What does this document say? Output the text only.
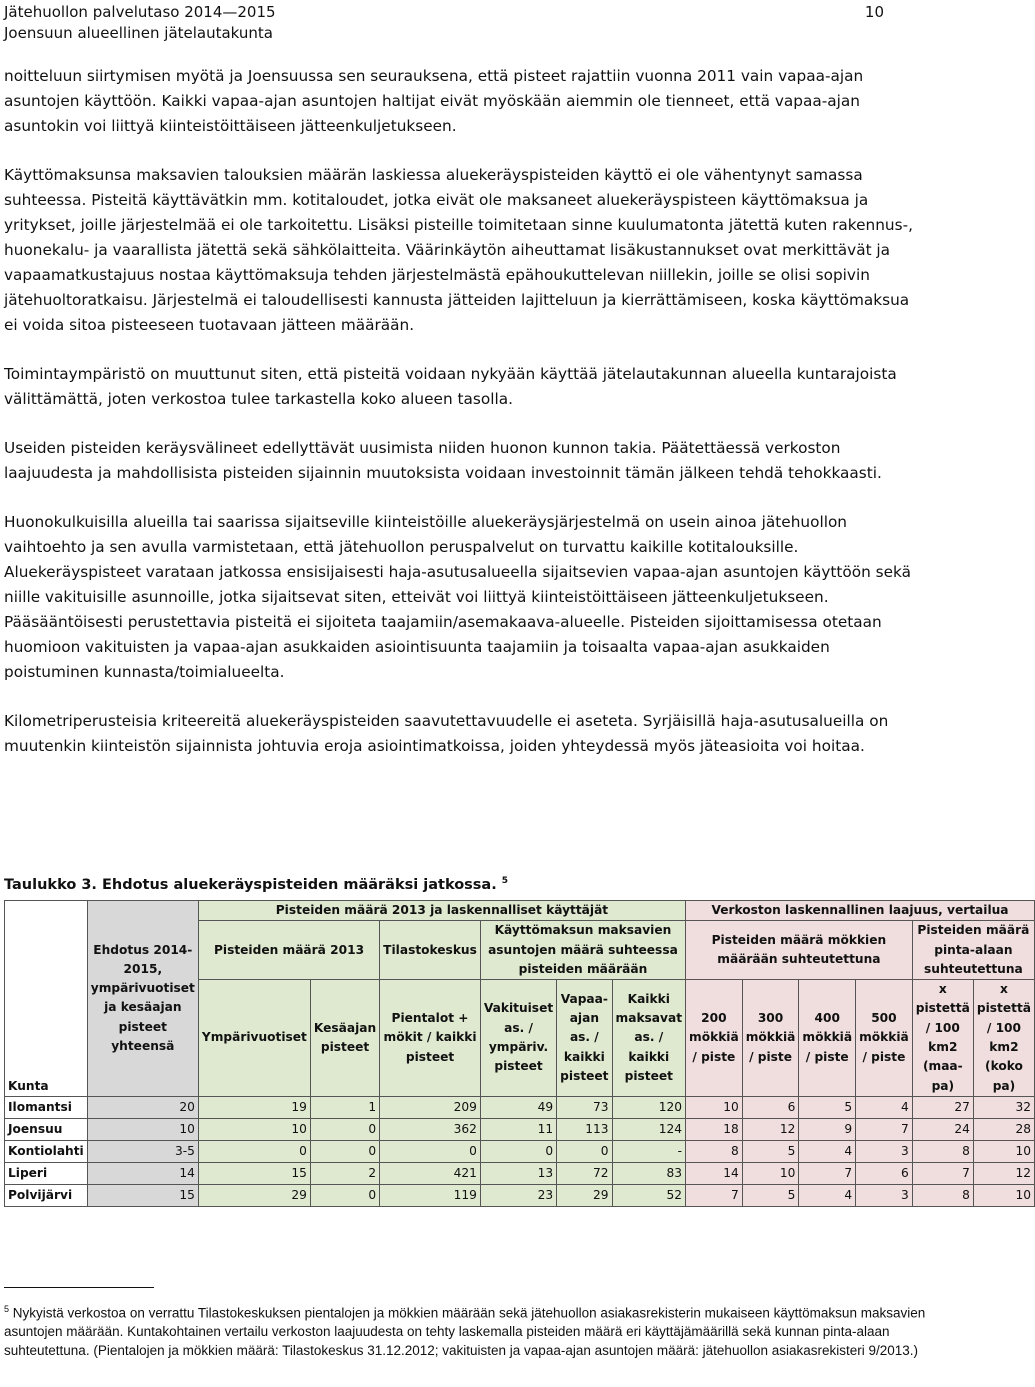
Jätehuollon palvelutaso 2014—2015
Joensuun alueellinen jätelautakunta
10

noitteluun siirtymisen myötä ja Joensuussa sen seurauksena, että pisteet rajattiin vuonna 2011 vain vapaa-ajan asuntojen käyttöön. Kaikki vapaa-ajan asuntojen haltijat eivät myöskään aiemmin ole tienneet, että vapaa-ajan asuntokin voi liittyä kiinteistöittäiseen jätteenkuljetukseen.

Käyttömaksunsa maksavien talouksien määrän laskiessa aluekeräyspisteiden käyttö ei ole vähentynyt samassa suhteessa. Pisteitä käyttävätkin mm. kotitaloudet, jotka eivät ole maksaneet aluekeräyspisteen käyttömaksua ja yritykset, joille järjestelmää ei ole tarkoitettu. Lisäksi pisteille toimitetaan sinne kuulumatonta jätettä kuten rakennus-, huonekalu- ja vaarallista jätettä sekä sähkölaitteita. Väärinkäytön aiheuttamat lisäkustannukset ovat merkittävät ja vapaamatkustajuus nostaa käyttömaksuja tehden järjestelmästä epähoukuttelevan niillekin, joille se olisi sopivin jätehuoltoratkaisu. Järjestelmä ei taloudellisesti kannusta jätteiden lajitteluun ja kierrättämiseen, koska käyttömaksua ei voida sitoa pisteeseen tuotavaan jätteen määrään.

Toimintaympäristö on muuttunut siten, että pisteitä voidaan nykyään käyttää jätelautakunnan alueella kuntarajoista välittämättä, joten verkostoa tulee tarkastella koko alueen tasolla.

Useiden pisteiden keräysvälineet edellyttävät uusimista niiden huonon kunnon takia. Päätettäessä verkoston laajuudesta ja mahdollisista pisteiden sijainnin muutoksista voidaan investoinnit tämän jälkeen tehdä tehokkaasti.

Huonokulkuisilla alueilla tai saarissa sijaitseville kiinteistöille aluekeräysjärjestelmä on usein ainoa jätehuollon vaihtoehto ja sen avulla varmistetaan, että jätehuollon peruspalvelut on turvattu kaikille kotitalouksille. Aluekeräyspisteet varataan jatkossa ensisijaisesti haja-asutusalueella sijaitsevien vapaa-ajan asuntojen käyttöön sekä niille vakituisille asunnoille, jotka sijaitsevat siten, etteivät voi liittyä kiinteistöittäiseen jätteenkuljetukseen. Pääsääntöisesti perustettavia pisteitä ei sijoiteta taajamiin/asemakaava-alueelle. Pisteiden sijoittamisessa otetaan huomioon vakituisten ja vapaa-ajan asukkaiden asiointisuunta taajamiin ja toisaalta vapaa-ajan asukkaiden poistuminen kunnasta/toimialueelta.

Kilometriperusteisia kriteereitä aluekeräyspisteiden saavutettavuudelle ei aseteta. Syrjäisillä haja-asutusalueilla on muutenkin kiinteistön sijainnista johtuvia eroja asiointimatkoissa, joiden yhteydessä myös jäteasioita voi hoitaa.

Taulukko 3. Ehdotus aluekeräyspisteiden määräksi jatkossa. $^5$
Kunta	Ehdotus 2014-2015, ympärivuotiset ja kesäajan pisteet yhteensä	Pisteiden määrä 2013 ja laskennalliset käyttäjät						Verkoston laskennallinen laajuus, vertailua					
		Pisteiden määrä 2013		Tilastokeskus	Käyttömaksun maksavien asuntojen määrä suhteessa pisteiden määrään			Pisteiden määrä mökkien määrään suhteutettuna				Pisteiden määrä pinta-alaan suhteutettuna	
		Ympärivuotiset	Kesäajan pisteet	Pientalot + mökit / kaikki pisteet	Vakituiset as. / ympäriv. pisteet	Vapaa-ajan as. / kaikki pisteet	Kaikki maksavat as. / kaikki pisteet	200 mökkiä / piste	300 mökkiä / piste	400 mökkiä / piste	500 mökkiä / piste	x pistettä / 100 km2 (maa-pa)	x pistettä / 100 km2 (koko pa)

Ilomantsi	20	19	1	209	49	73	120	10	6	5	4	27	32
Joensuu	10	10	0	362	11	113	124	18	12	9	7	24	28
Kontiolahti	3-5	0	0	0	0	0	-	8	5	4	3	8	10
Liperi	14	15	2	421	13	72	83	14	10	7	6	7	12
Polvijärvi	15	29	0	119	23	29	52	7	5	4	3	8	10
$^5$ Nykyistä verkostoa on verrattu Tilastokeskuksen pientalojen ja mökkien määrään sekä jätehuollon asiakasrekisterin mukaiseen käyttömaksun maksavien asuntojen määrään. Kuntakohtainen vertailu verkoston laajuudesta on tehty laskemalla pisteiden määrä eri käyttäjämäärillä sekä kunnan pinta-alaan suhteutettuna. (Pientalojen ja mökkien määrä: Tilastokeskus 31.12.2012; vakituisten ja vapaa-ajan asuntojen määrä: jätehuollon asiakasrekisteri 9/2013.)
